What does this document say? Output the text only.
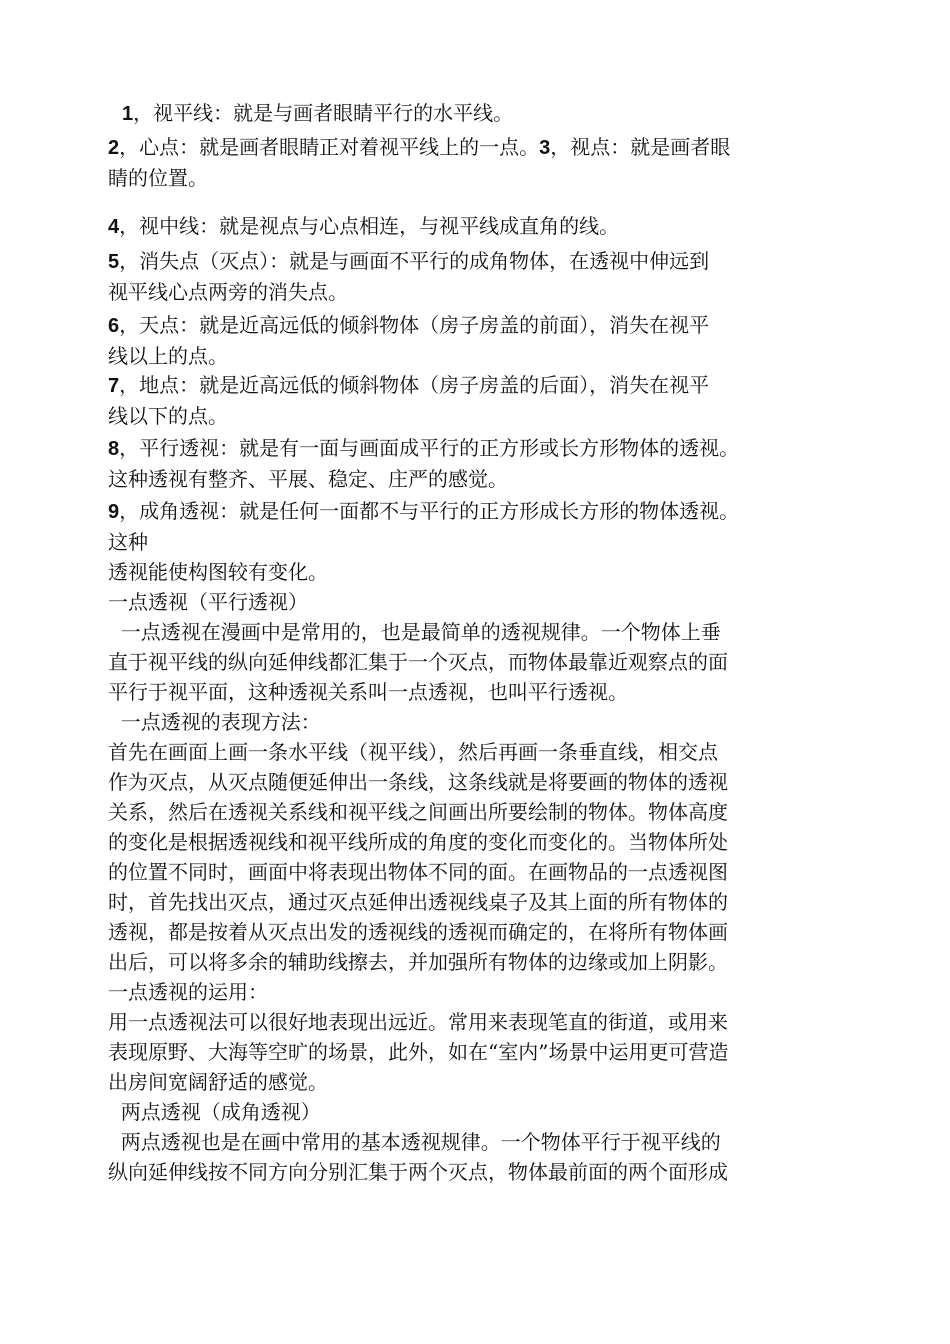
1，视平线：就是与画者眼睛平行的水平线。

2，心点：就是画者眼睛正对着视平线上的一点。3，视点：就是画者眼
睛的位置。

4，视中线：就是视点与心点相连，与视平线成直角的线。

5，消失点（灭点）：就是与画面不平行的成角物体，在透视中伸远到
视平线心点两旁的消失点。

6，天点：就是近高远低的倾斜物体（房子房盖的前面），消失在视平
线以上的点。

7，地点：就是近高远低的倾斜物体（房子房盖的后面），消失在视平
线以下的点。

8，平行透视：就是有一面与画面成平行的正方形或长方形物体的透视。
这种透视有整齐、平展、稳定、庄严的感觉。

9，成角透视：就是任何一面都不与平行的正方形成长方形的物体透视。
这种
透视能使构图较有变化。
一点透视（平行透视）
一点透视在漫画中是常用的，也是最简单的透视规律。一个物体上垂
直于视平线的纵向延伸线都汇集于一个灭点，而物体最靠近观察点的面
平行于视平面，这种透视关系叫一点透视，也叫平行透视。
一点透视的表现方法：
首先在画面上画一条水平线（视平线），然后再画一条垂直线，相交点
作为灭点，从灭点随便延伸出一条线，这条线就是将要画的物体的透视
关系，然后在透视关系线和视平线之间画出所要绘制的物体。物体高度
的变化是根据透视线和视平线所成的角度的变化而变化的。当物体所处
的位置不同时，画面中将表现出物体不同的面。在画物品的一点透视图
时，首先找出灭点，通过灭点延伸出透视线桌子及其上面的所有物体的
透视，都是按着从灭点出发的透视线的透视而确定的，在将所有物体画
出后，可以将多余的辅助线擦去，并加强所有物体的边缘或加上阴影。
一点透视的运用：
用一点透视法可以很好地表现出远近。常用来表现笔直的街道，或用来
表现原野、大海等空旷的场景，此外，如在“室内”场景中运用更可营造
出房间宽阔舒适的感觉。
两点透视（成角透视）
两点透视也是在画中常用的基本透视规律。一个物体平行于视平线的
纵向延伸线按不同方向分别汇集于两个灭点，物体最前面的两个面形成
